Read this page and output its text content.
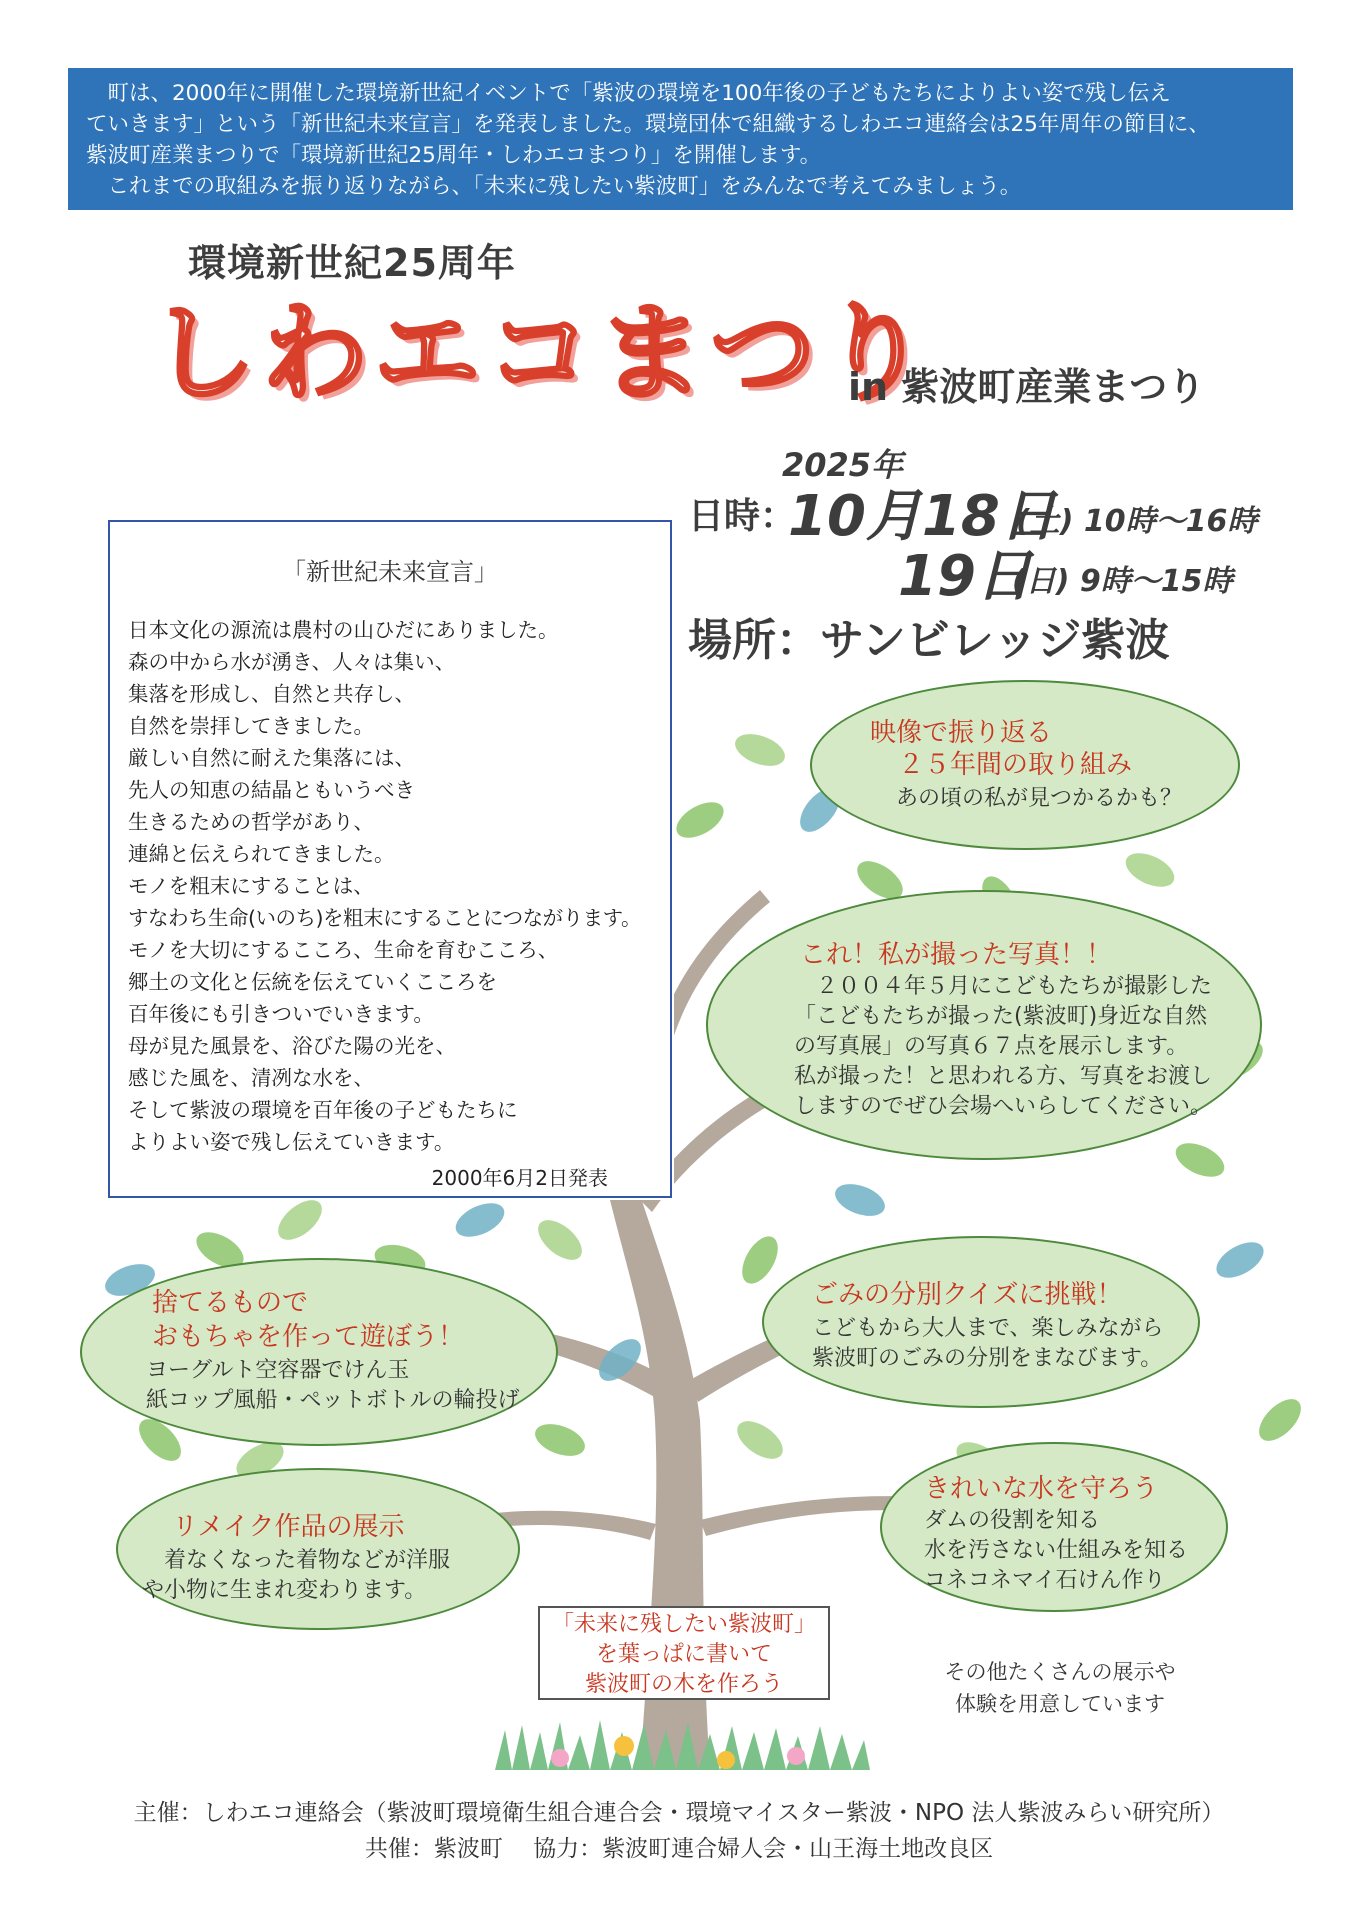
町は、2000年に開催した環境新世紀イベントで「紫波の環境を100年後の子どもたちによりよい姿で残し伝え

ていきます」という「新世紀未来宣言」を発表しました。環境団体で組織するしわエコ連絡会は25年周年の節目に、

紫波町産業まつりで「環境新世紀25周年・しわエコまつり」を開催します。

これまでの取組みを振り返りながら、「未来に残したい紫波町」をみんなで考えてみましょう。

環境新世紀25周年
しわエコまつり
in 紫波町産業まつり
2025年
日時：
10月18日
(土) 10時～16時
19日
(日) 9時～15時
場所：サンビレッジ紫波
「新世紀未来宣言」
日本文化の源流は農村の山ひだにありました。
森の中から水が湧き、人々は集い、
集落を形成し、自然と共存し、
自然を崇拝してきました。
厳しい自然に耐えた集落には、
先人の知恵の結晶ともいうべき
生きるための哲学があり、
連綿と伝えられてきました。
モノを粗末にすることは、
すなわち生命(いのち)を粗末にすることにつながります。
モノを大切にするこころ、生命を育むこころ、
郷土の文化と伝統を伝えていくこころを
百年後にも引きついでいきます。
母が見た風景を、浴びた陽の光を、
感じた風を、清冽な水を、
そして紫波の環境を百年後の子どもたちに
よりよい姿で残し伝えていきます。
2000年6月2日発表
映像で振り返る
２５年間の取り組み
あの頃の私が見つかるかも？
これ！私が撮った写真！！
　２００４年５月にこどもたちが撮影した
「こどもたちが撮った(紫波町)身近な自然
の写真展」の写真６７点を展示します。
私が撮った！と思われる方、写真をお渡し
しますのでぜひ会場へいらしてください。
捨てるもので
おもちゃを作って遊ぼう！
ヨーグルト空容器でけん玉
紙コップ風船・ペットボトルの輪投げ
ごみの分別クイズに挑戦！
こどもから大人まで、楽しみながら
紫波町のごみの分別をまなびます。
きれいな水を守ろう
ダムの役割を知る
水を汚さない仕組みを知る
コネコネマイ石けん作り
リメイク作品の展示
　着なくなった着物などが洋服
や小物に生まれ変わります。
「未来に残したい紫波町」
を葉っぱに書いて
紫波町の木を作ろう	その他たくさんの展示や
体験を用意しています
主催：しわエコ連絡会（紫波町環境衛生組合連合会・環境マイスター紫波・NPO 法人紫波みらい研究所）
共催：紫波町　 協力：紫波町連合婦人会・山王海土地改良区
